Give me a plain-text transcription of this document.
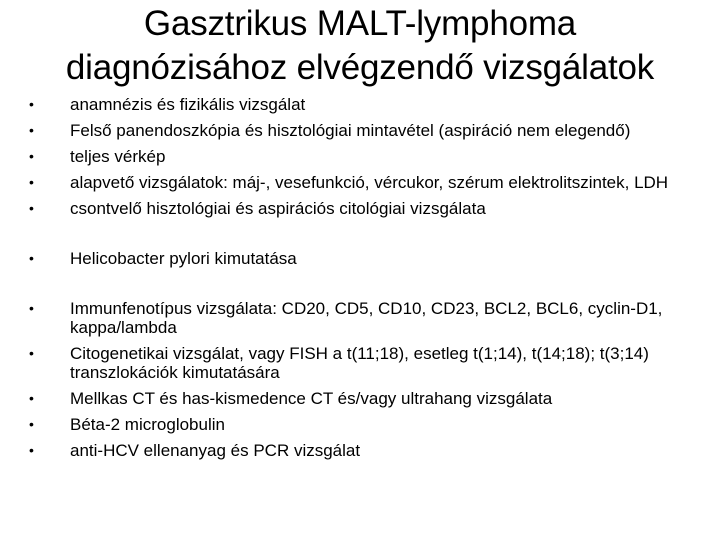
Gasztrikus MALT-lymphoma
diagnózisához elvégzendő vizsgálatok
• anamnézis és fizikális vizsgálat
• Felső panendoszkópia és hisztológiai mintavétel (aspiráció nem elegendő)
• teljes vérkép
• alapvető vizsgálatok: máj-, vesefunkció, vércukor, szérum elektrolitszintek, LDH
• csontvelő hisztológiai és aspirációs citológiai vizsgálata
• Helicobacter pylori kimutatása
• Immunfenotípus vizsgálata: CD20, CD5, CD10, CD23, BCL2, BCL6, cyclin-D1, kappa/lambda
• Citogenetikai vizsgálat, vagy FISH a t(11;18), esetleg t(1;14), t(14;18); t(3;14) transzlokációk kimutatására
• Mellkas CT és has-kismedence CT és/vagy ultrahang vizsgálata
• Béta-2 microglobulin
• anti-HCV ellenanyag és PCR vizsgálat
